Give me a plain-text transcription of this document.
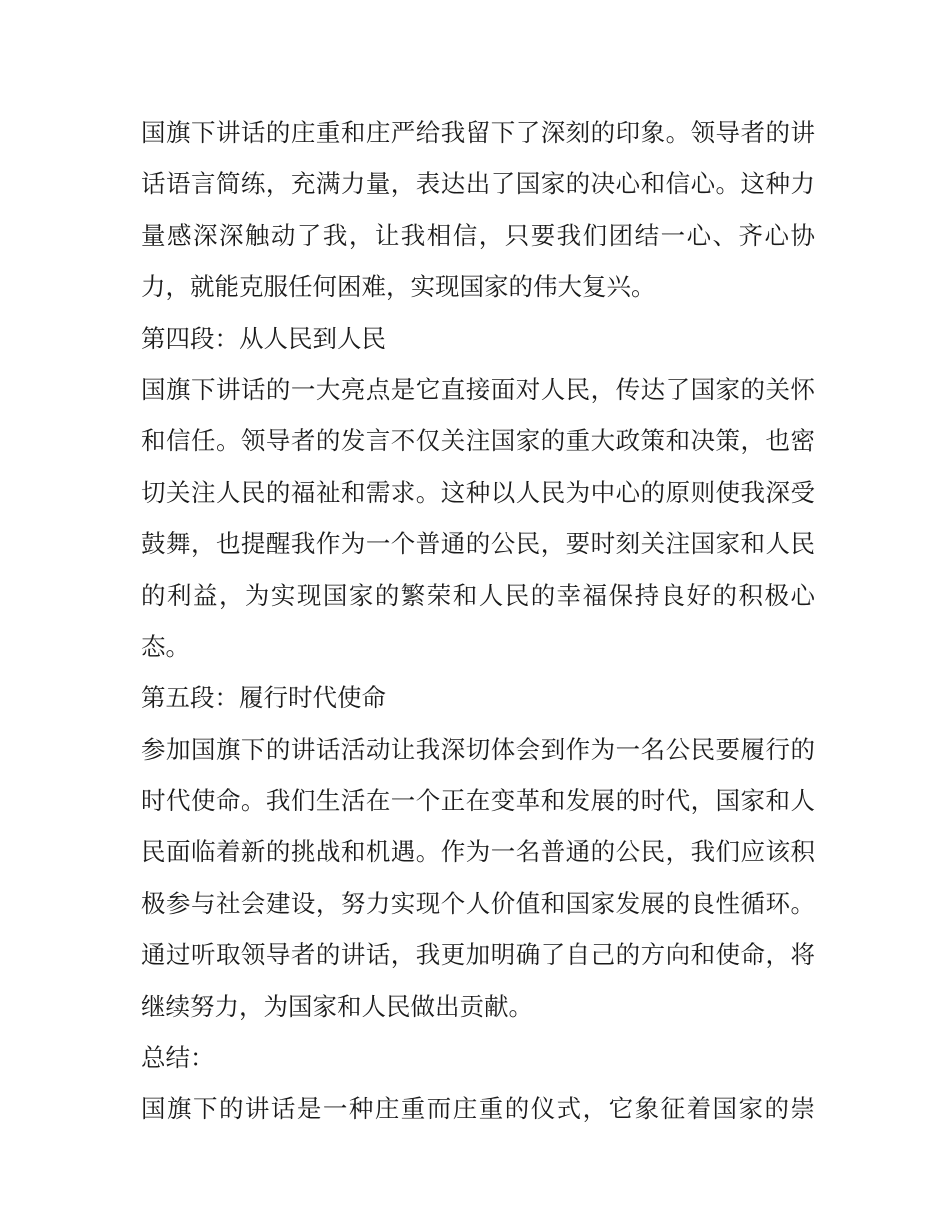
国旗下讲话的庄重和庄严给我留下了深刻的印象。领导者的讲
话语言简练，充满力量，表达出了国家的决心和信心。这种力
量感深深触动了我，让我相信，只要我们团结一心、齐心协
力，就能克服任何困难，实现国家的伟大复兴。
第四段：从人民到人民
国旗下讲话的一大亮点是它直接面对人民，传达了国家的关怀
和信任。领导者的发言不仅关注国家的重大政策和决策，也密
切关注人民的福祉和需求。这种以人民为中心的原则使我深受
鼓舞，也提醒我作为一个普通的公民，要时刻关注国家和人民
的利益，为实现国家的繁荣和人民的幸福保持良好的积极心
态。
第五段：履行时代使命
参加国旗下的讲话活动让我深切体会到作为一名公民要履行的
时代使命。我们生活在一个正在变革和发展的时代，国家和人
民面临着新的挑战和机遇。作为一名普通的公民，我们应该积
极参与社会建设，努力实现个人价值和国家发展的良性循环。
通过听取领导者的讲话，我更加明确了自己的方向和使命，将
继续努力，为国家和人民做出贡献。
总结：
国旗下的讲话是一种庄重而庄重的仪式，它象征着国家的崇
